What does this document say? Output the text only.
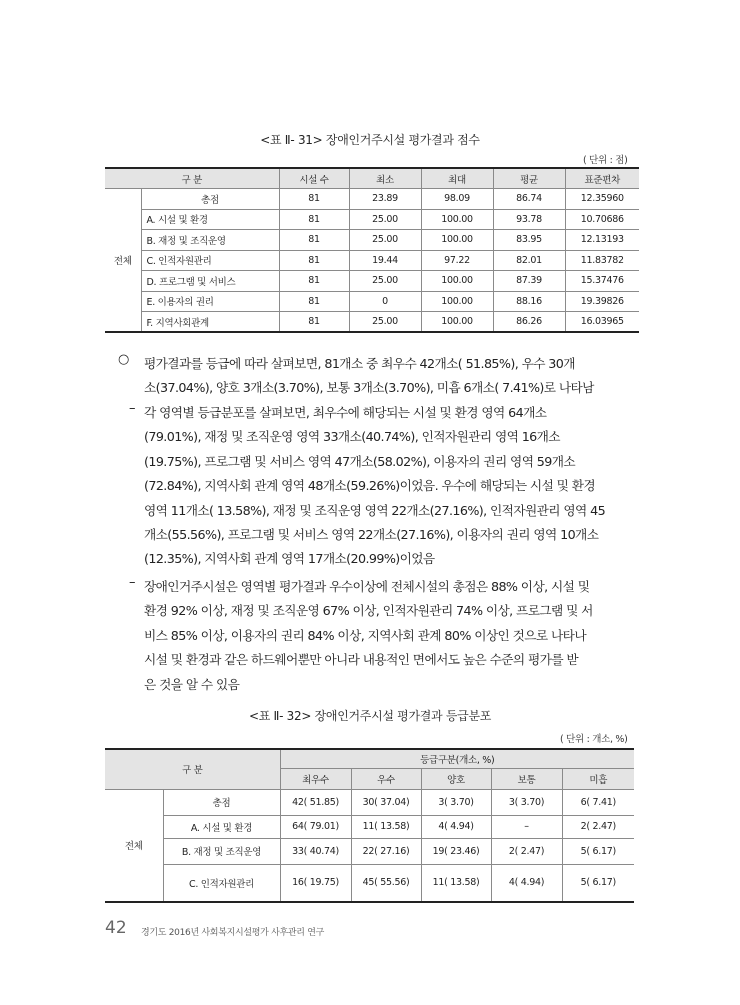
<표 Ⅱ- 31> 장애인거주시설 평가결과 점수
( 단위 : 점)
구 분		시설 수	최소	최대	평균	표준편차
전체	총점	81	23.89	98.09	86.74	12.35960
	A. 시설 및 환경	81	25.00	100.00	93.78	10.70686
	B. 재정 및 조직운영	81	25.00	100.00	83.95	12.13193
	C. 인적자원관리	81	19.44	97.22	82.01	11.83782
	D. 프로그램 및 서비스	81	25.00	100.00	87.39	15.37476
	E. 이용자의 권리	81	0	100.00	88.16	19.39826
	F. 지역사회관계	81	25.00	100.00	86.26	16.03965
○ 평가결과를 등급에 따라 살펴보면, 81개소 중 최우수 42개소( 51.85%), 우수 30개
소(37.04%), 양호 3개소(3.70%), 보통 3개소(3.70%), 미흡 6개소( 7.41%)로 나타남
– 각 영역별 등급분포를 살펴보면, 최우수에 해당되는 시설 및 환경 영역 64개소
(79.01%), 재정 및 조직운영 영역 33개소(40.74%), 인적자원관리 영역 16개소
(19.75%), 프로그램 및 서비스 영역 47개소(58.02%), 이용자의 권리 영역 59개소
(72.84%), 지역사회 관계 영역 48개소(59.26%)이었음. 우수에 해당되는 시설 및 환경
영역 11개소( 13.58%), 재정 및 조직운영 영역 22개소(27.16%), 인적자원관리 영역 45
개소(55.56%), 프로그램 및 서비스 영역 22개소(27.16%), 이용자의 권리 영역 10개소
(12.35%), 지역사회 관계 영역 17개소(20.99%)이었음
– 장애인거주시설은 영역별 평가결과 우수이상에 전체시설의 총점은 88% 이상, 시설 및
환경 92% 이상, 재정 및 조직운영 67% 이상, 인적자원관리 74% 이상, 프로그램 및 서
비스 85% 이상, 이용자의 권리 84% 이상, 지역사회 관계 80% 이상인 것으로 나타나
시설 및 환경과 같은 하드웨어뿐만 아니라 내용적인 면에서도 높은 수준의 평가를 받
은 것을 알 수 있음
<표 Ⅱ- 32> 장애인거주시설 평가결과 등급분포
( 단위 : 개소, %)
구 분		등급구분(개소, %)				
		최우수	우수	양호	보통	미흡
전체	총점	42( 51.85)	30( 37.04)	3( 3.70)	3( 3.70)	6( 7.41)
	A. 시설 및 환경	64( 79.01)	11( 13.58)	4( 4.94)	–	2( 2.47)
	B. 재정 및 조직운영	33( 40.74)	22( 27.16)	19( 23.46)	2( 2.47)	5( 6.17)
	C. 인적자원관리	16( 19.75)	45( 55.56)	11( 13.58)	4( 4.94)	5( 6.17)
42 경기도 2016년 사회복지시설평가 사후관리 연구
